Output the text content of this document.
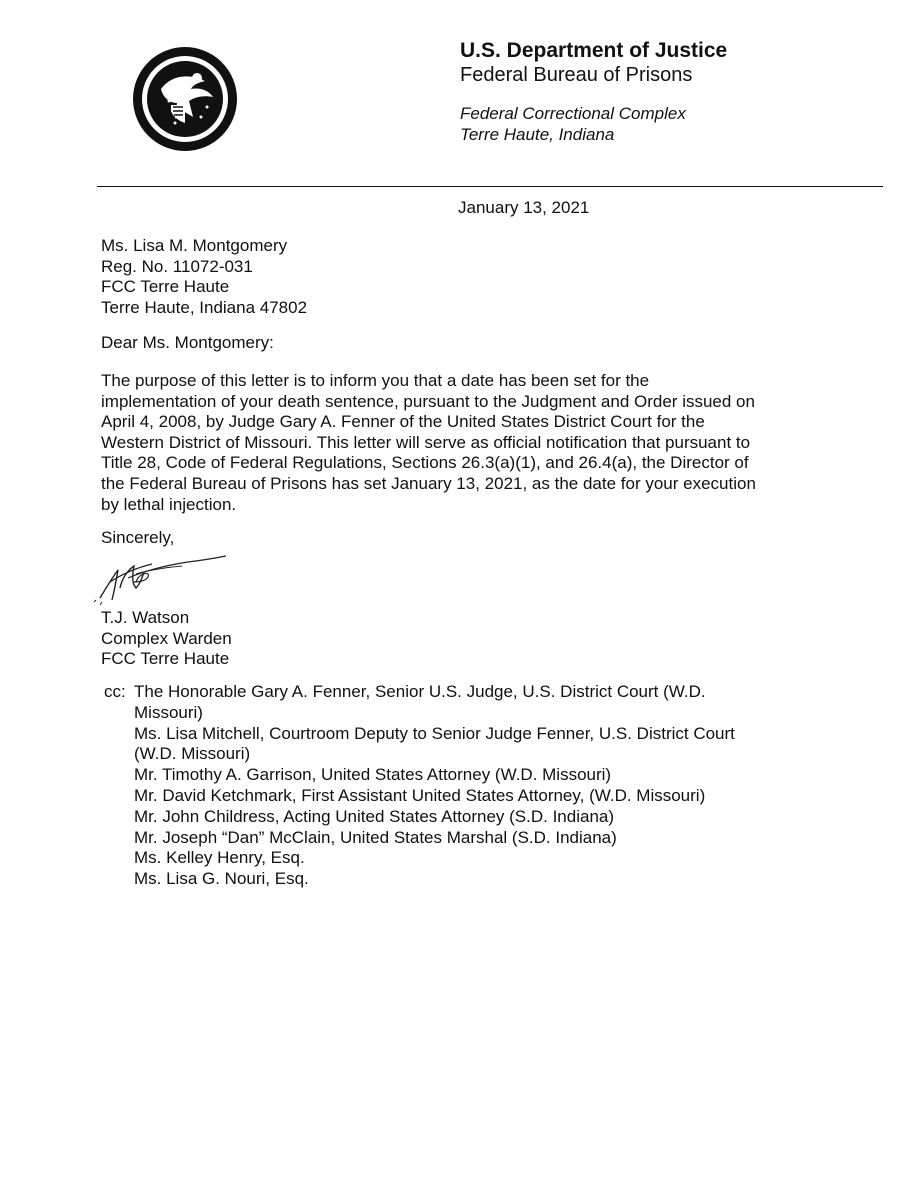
U.S. Department of Justice
Federal Bureau of Prisons
Federal Correctional Complex
Terre Haute, Indiana
January 13, 2021
Ms. Lisa M. Montgomery
Reg. No. 11072-031
FCC Terre Haute
Terre Haute, Indiana 47802
Dear Ms. Montgomery:
The purpose of this letter is to inform you that a date has been set for the
implementation of your death sentence, pursuant to the Judgment and Order issued on
April 4, 2008, by Judge Gary A. Fenner of the United States District Court for the
Western District of Missouri. This letter will serve as official notification that pursuant to
Title 28, Code of Federal Regulations, Sections 26.3(a)(1), and 26.4(a), the Director of
the Federal Bureau of Prisons has set January 13, 2021, as the date for your execution
by lethal injection.
Sincerely,
T.J. Watson
Complex Warden
FCC Terre Haute
cc: The Honorable Gary A. Fenner, Senior U.S. Judge, U.S. District Court (W.D.
Missouri)
Ms. Lisa Mitchell, Courtroom Deputy to Senior Judge Fenner, U.S. District Court
(W.D. Missouri)
Mr. Timothy A. Garrison, United States Attorney (W.D. Missouri)
Mr. David Ketchmark, First Assistant United States Attorney, (W.D. Missouri)
Mr. John Childress, Acting United States Attorney (S.D. Indiana)
Mr. Joseph “Dan” McClain, United States Marshal (S.D. Indiana)
Ms. Kelley Henry, Esq.
Ms. Lisa G. Nouri, Esq.
